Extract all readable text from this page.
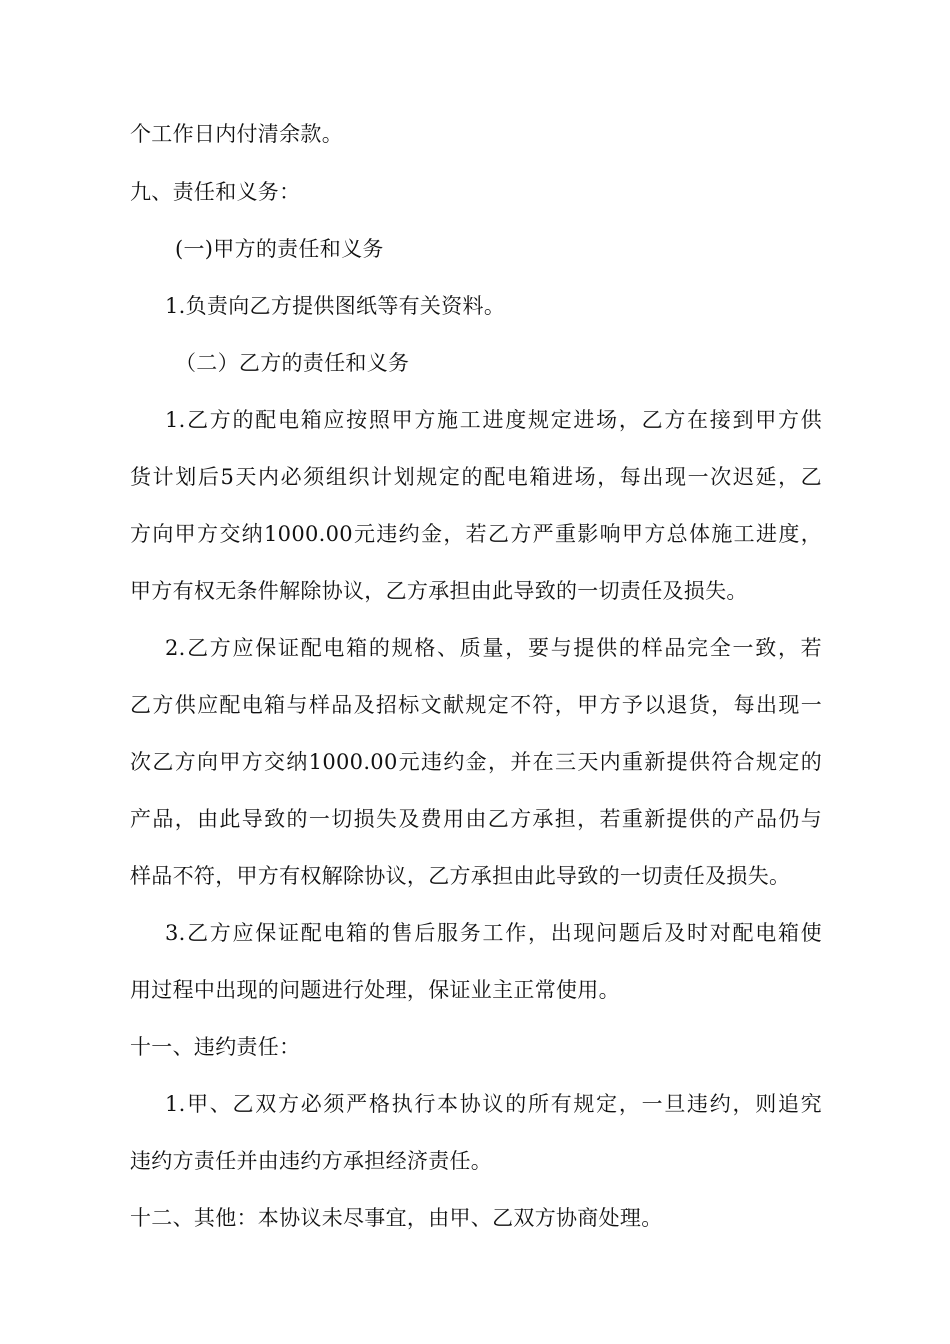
个工作日内付清余款。
九、责任和义务：
(一)甲方的责任和义务
1.负责向乙方提供图纸等有关资料。
（二）乙方的责任和义务
1.乙方的配电箱应按照甲方施工进度规定进场，乙方在接到甲方供
货计划后5天内必须组织计划规定的配电箱进场，每出现一次迟延，乙
方向甲方交纳1000.00元违约金，若乙方严重影响甲方总体施工进度，
甲方有权无条件解除协议，乙方承担由此导致的一切责任及损失。
2.乙方应保证配电箱的规格、质量，要与提供的样品完全一致，若
乙方供应配电箱与样品及招标文献规定不符，甲方予以退货，每出现一
次乙方向甲方交纳1000.00元违约金，并在三天内重新提供符合规定的
产品，由此导致的一切损失及费用由乙方承担，若重新提供的产品仍与
样品不符，甲方有权解除协议，乙方承担由此导致的一切责任及损失。
3.乙方应保证配电箱的售后服务工作，出现问题后及时对配电箱使
用过程中出现的问题进行处理，保证业主正常使用。
十一、违约责任：
1.甲、乙双方必须严格执行本协议的所有规定，一旦违约，则追究
违约方责任并由违约方承担经济责任。
十二、其他：本协议未尽事宜，由甲、乙双方协商处理。
